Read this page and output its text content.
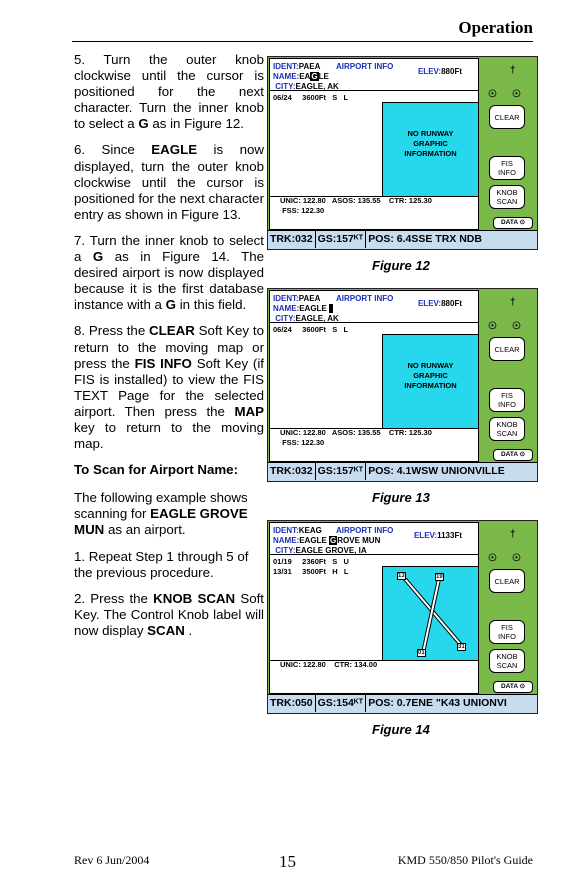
Operation

5. Turn the outer knob clockwise until the cursor is positioned for the next character. Turn the inner knob to select a G as in Figure 12.

6. Since EAGLE is now displayed, turn the outer knob clockwise until the cursor is positioned for the next character entry as shown in Figure 13.

7. Turn the inner knob to select a G as in Figure 14. The desired airport is now displayed because it is the first database instance with a G in this field.

8. Press the CLEAR Soft Key to return to the moving map or press the FIS INFO Soft Key (if FIS is installed) to view the FIS TEXT Page for the selected airport. Then press the MAP key to return to the moving map.

To Scan for Airport Name:

The following example shows scanning for EAGLE GROVE MUN as an airport.

1. Repeat Step 1 through 5 of the previous procedure.

2. Press the KNOB SCAN Soft Key. The Control Knob label will now display SCAN .

IDENT:PAEA
NAME:EAGLE
CITY:EAGLE, AK
AIRPORT INFO
ELEV:880Ft
06/24     3600Ft   S   L
NO RUNWAY
GRAPHIC
INFORMATION
UNIC: 122.80   ASOS: 135.55    CTR: 125.30
FSS: 122.30
†
☉ ☉
CLEAR
FIS
INFO
KNOB
SCAN
DATA ⊙
TRK:032 GS:157ᴷᵀ POS: 6.4SSE TRX NDB
Figure 12
IDENT:PAEA
NAME:EAGLE
CITY:EAGLE, AK
AIRPORT INFO
ELEV:880Ft
06/24     3600Ft   S   L
NO RUNWAY
GRAPHIC
INFORMATION
UNIC: 122.80   ASOS: 135.55    CTR: 125.30
FSS: 122.30
†
☉ ☉
CLEAR
FIS
INFO
KNOB
SCAN
DATA ⊙
TRK:032 GS:157ᴷᵀ POS: 4.1WSW UNIONVILLE
Figure 13
IDENT:KEAG
NAME:EAGLE GROVE MUN
CITY:EAGLE GROVE, IA
AIRPORT INFO
ELEV:1133Ft
01/19     2360Ft   S   U
13/31     3500Ft   H   L	13	19
31
01
UNIC: 122.80    CTR: 134.00
†
☉ ☉
CLEAR
FIS
INFO
KNOB
SCAN
DATA ⊙
TRK:050 GS:154ᴷᵀ POS: 0.7ENE "K43 UNIONVI
Figure 14
Rev 6 Jun/2004	15	KMD 550/850 Pilot's Guide
